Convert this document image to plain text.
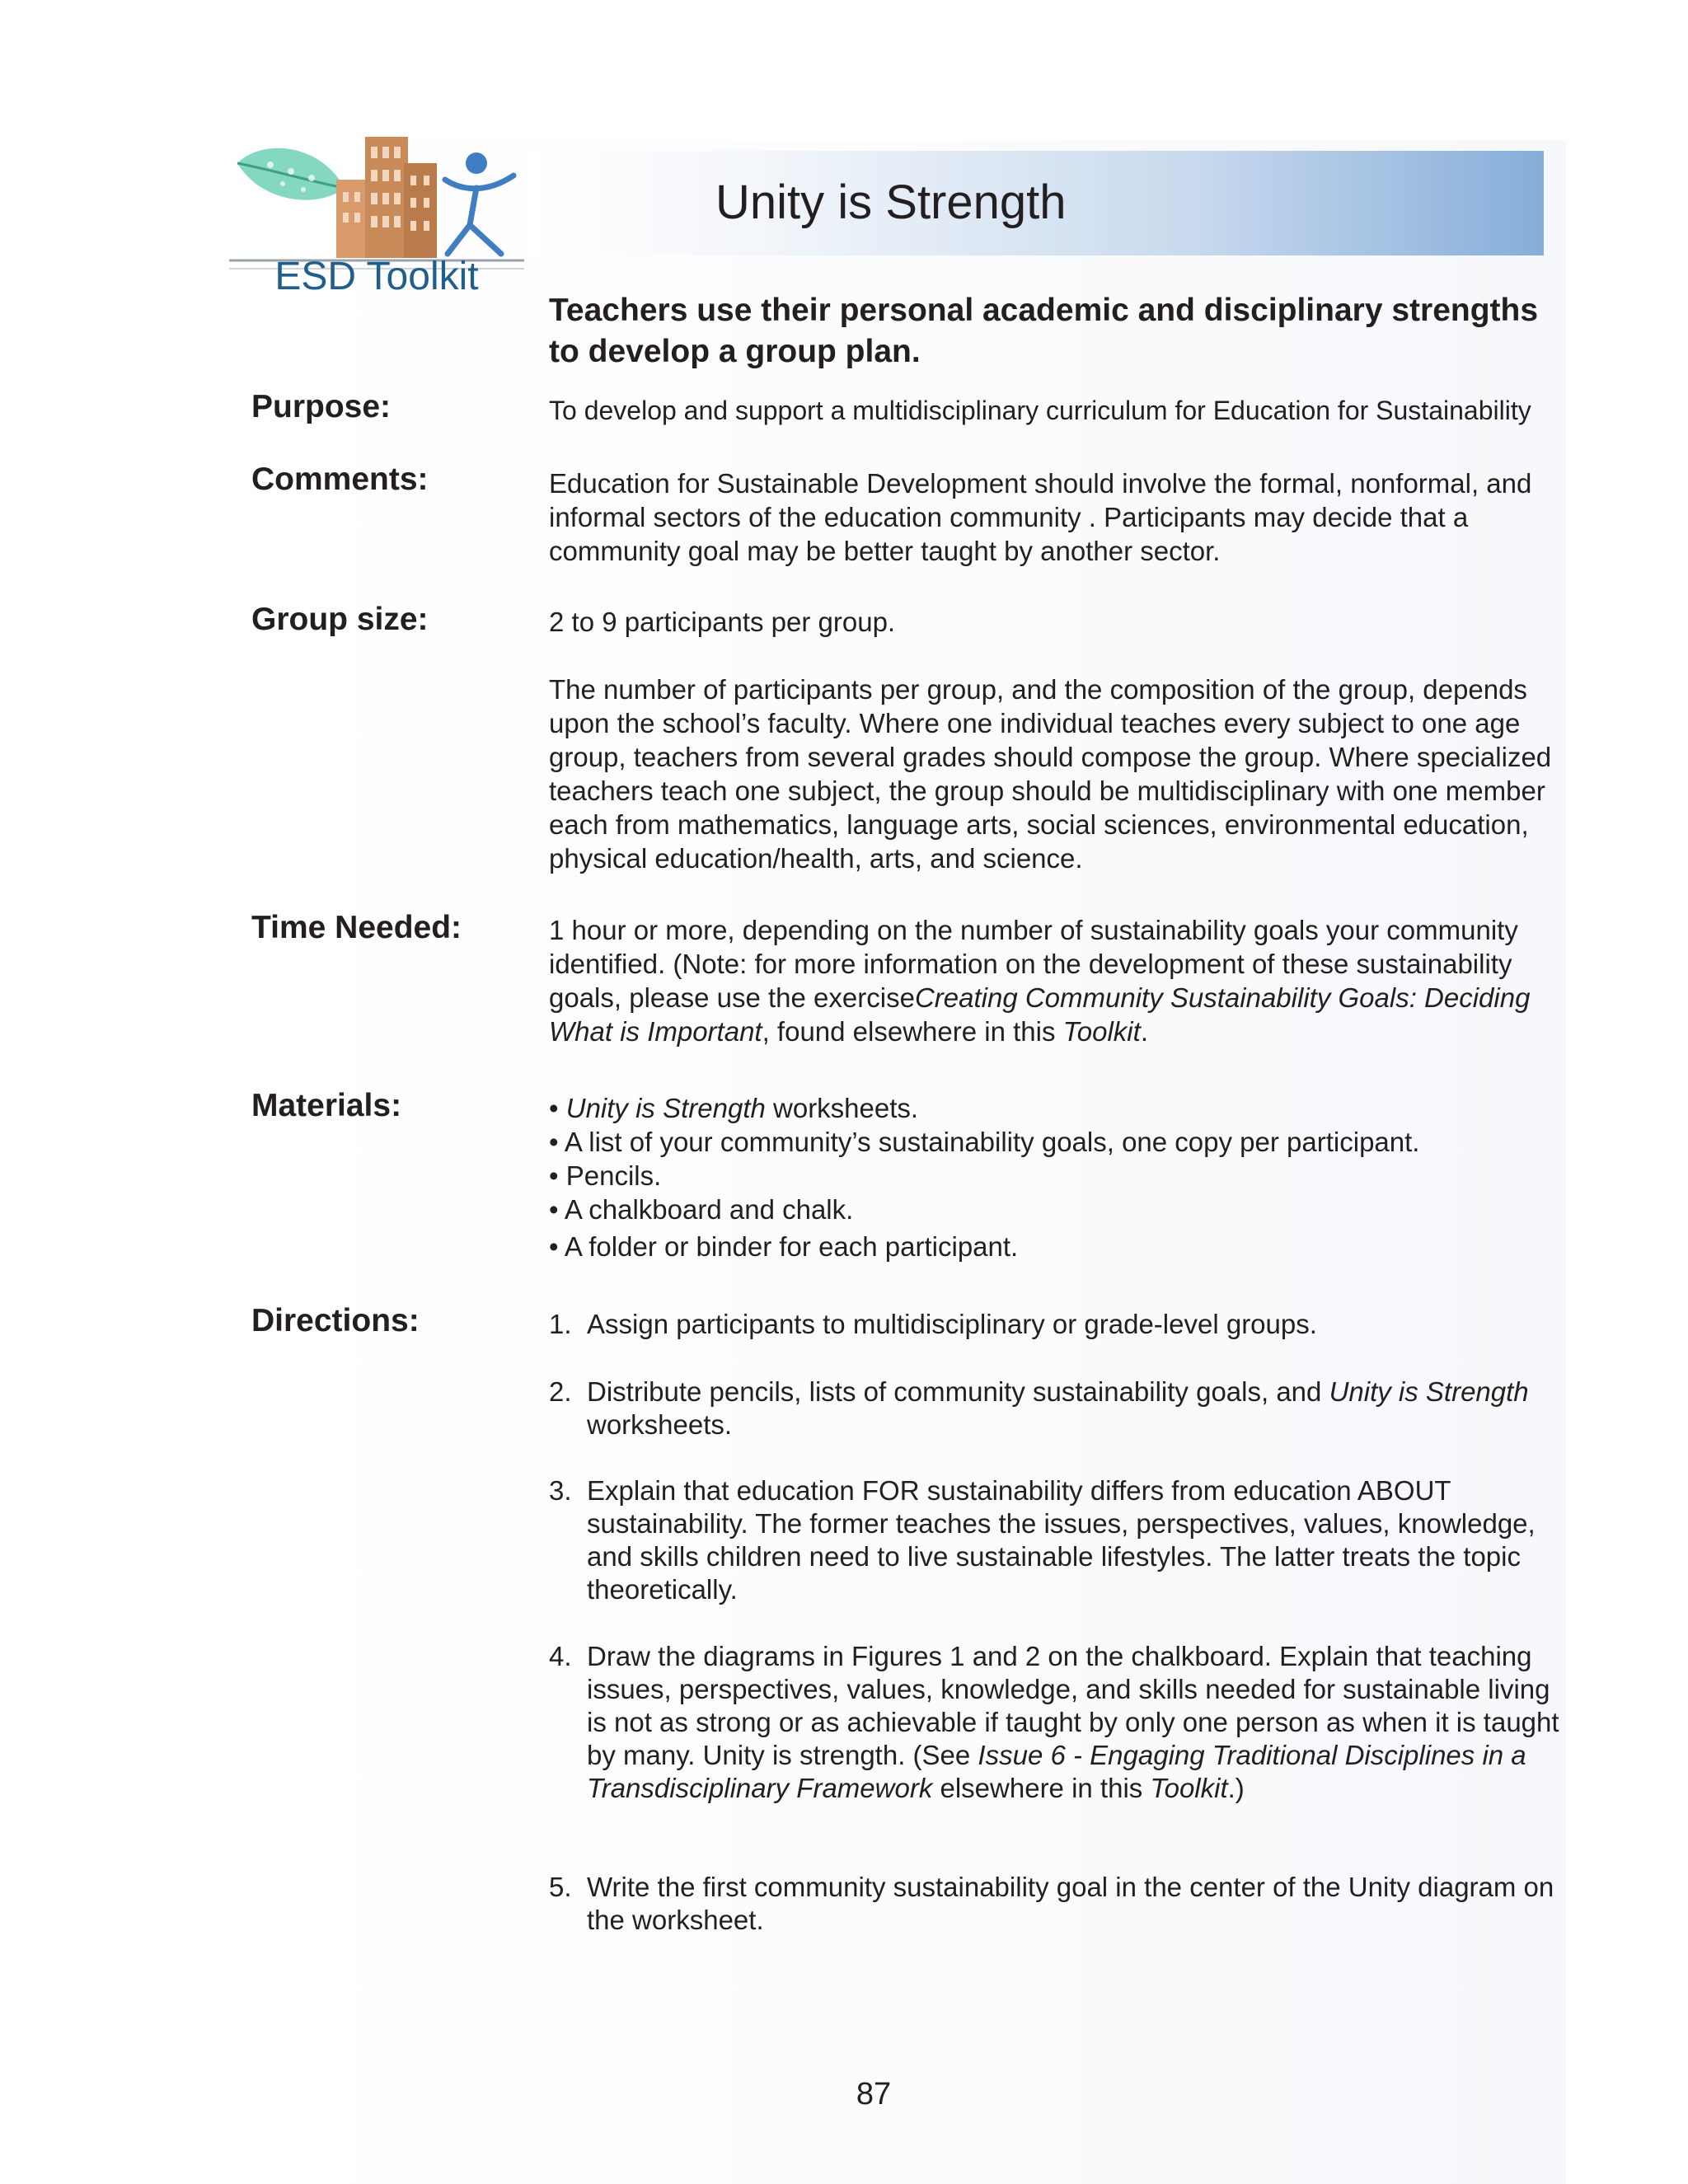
ESD Toolkit
Unity is Strength
Teachers use their personal academic and disciplinary strengths to develop a group plan.
Purpose:	To develop and support a multidisciplinary curriculum for Education for Sustainability
Comments:	Education for Sustainable Development should involve the formal, nonformal, and informal sectors of the education community . Participants may decide that a community goal may be better taught by another sector.
Group size:	2 to 9 participants per group.
The number of participants per group, and the composition of the group, depends upon the school’s faculty. Where one individual teaches every subject to one age group, teachers from several grades should compose the group. Where specialized teachers teach one subject, the group should be multidisciplinary with one member each from mathematics, language arts, social sciences, environmental education, physical education/health, arts, and science.
Time Needed:	1 hour or more, depending on the number of sustainability goals your community identified. (Note: for more information on the development of these sustainability goals, please use the exerciseCreating Community Sustainability Goals: Deciding What is Important, found elsewhere in this Toolkit.
Materials:	• Unity is Strength worksheets.
• A list of your community’s sustainability goals, one copy per participant.
• Pencils.
• A chalkboard and chalk.
• A folder or binder for each participant.
Directions:	1. Assign participants to multidisciplinary or grade-level groups.
2. Distribute pencils, lists of community sustainability goals, and Unity is Strength worksheets.
3. Explain that education FOR sustainability differs from education ABOUT sustainability. The former teaches the issues, perspectives, values, knowledge, and skills children need to live sustainable lifestyles. The latter treats the topic theoretically.
4. Draw the diagrams in Figures 1 and 2 on the chalkboard. Explain that teaching issues, perspectives, values, knowledge, and skills needed for sustainable living is not as strong or as achievable if taught by only one person as when it is taught by many. Unity is strength. (See Issue 6 - Engaging Traditional Disciplines in a Transdisciplinary Framework elsewhere in this Toolkit.)
5. Write the first community sustainability goal in the center of the Unity diagram on the worksheet.
87
